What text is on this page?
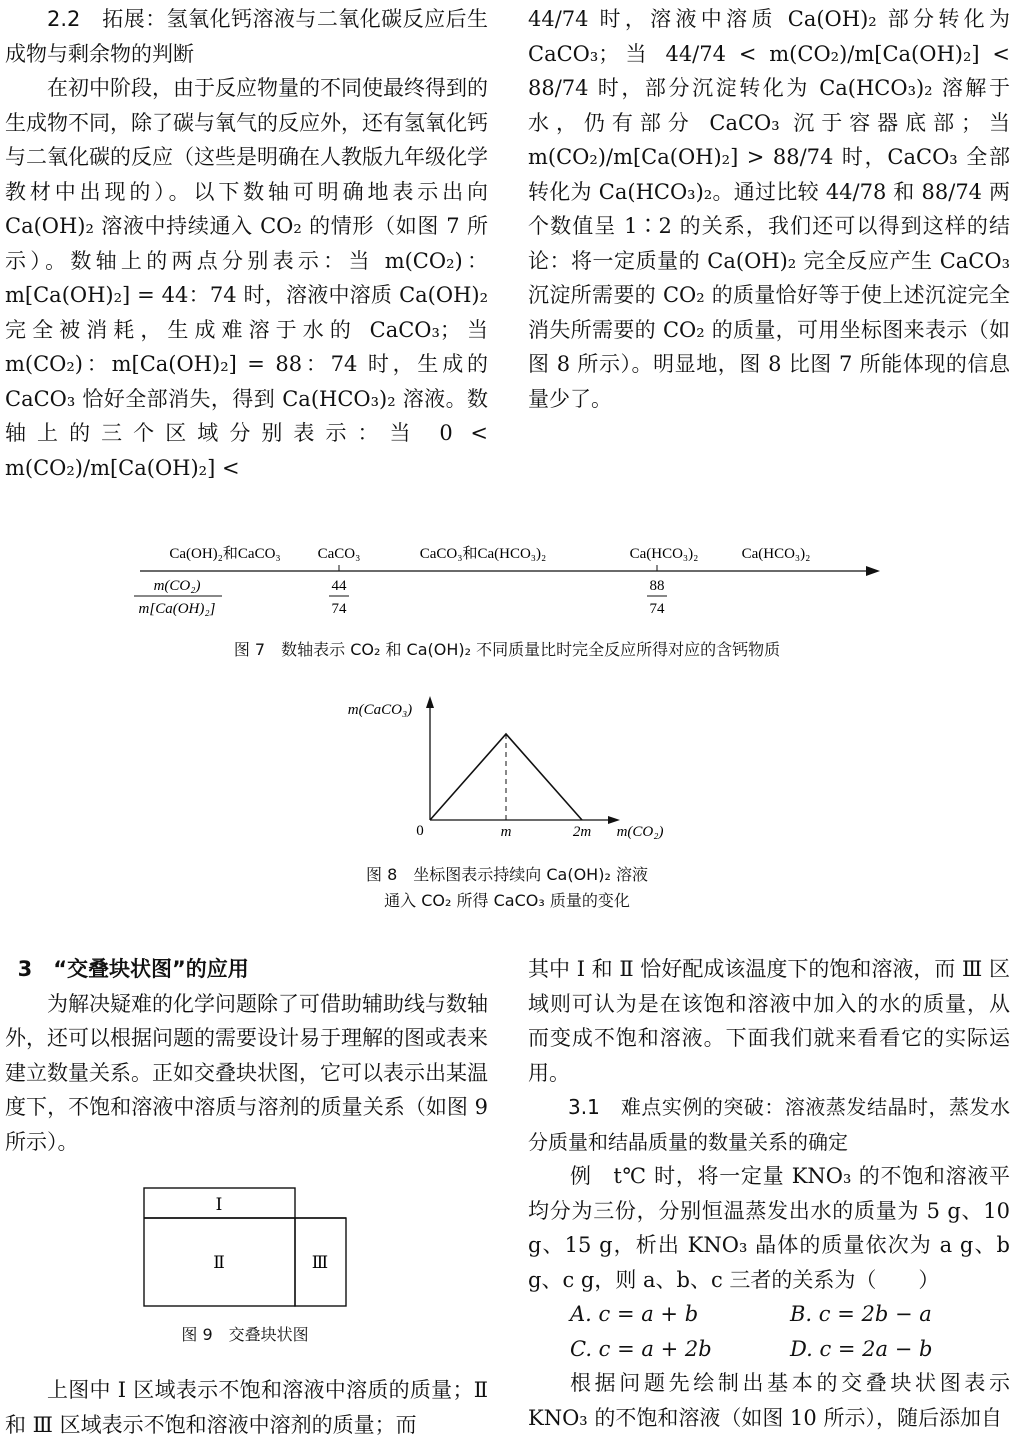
2.2　拓展：氢氧化钙溶液与二氧化碳反应后生成物与剩余物的判断

在初中阶段，由于反应物量的不同使最终得到的生成物不同，除了碳与氧气的反应外，还有氢氧化钙与二氧化碳的反应（这些是明确在人教版九年级化学教材中出现的）。以下数轴可明确地表示出向 Ca(OH)₂ 溶液中持续通入 CO₂ 的情形（如图 7 所示）。数轴上的两点分别表示：当 m(CO₂)：m[Ca(OH)₂] = 44：74 时，溶液中溶质 Ca(OH)₂ 完全被消耗，生成难溶于水的 CaCO₃；当 m(CO₂)：m[Ca(OH)₂] = 88：74 时，生成的 CaCO₃ 恰好全部消失，得到 Ca(HCO₃)₂ 溶液。数轴上的三个区域分别表示：当 0 < m(CO₂)/m[Ca(OH)₂] <

44/74 时，溶液中溶质 Ca(OH)₂ 部分转化为 CaCO₃；当 44/74 < m(CO₂)/m[Ca(OH)₂] < 88/74 时，部分沉淀转化为 Ca(HCO₃)₂ 溶解于水，仍有部分 CaCO₃ 沉于容器底部；当 m(CO₂)/m[Ca(OH)₂] > 88/74 时，CaCO₃ 全部转化为 Ca(HCO₃)₂。通过比较 44/78 和 88/74 两个数值呈 1∶2 的关系，我们还可以得到这样的结论：将一定质量的 Ca(OH)₂ 完全反应产生 CaCO₃ 沉淀所需要的 CO₂ 的质量恰好等于使上述沉淀完全消失所需要的 CO₂ 的质量，可用坐标图来表示（如图 8 所示）。明显地，图 8 比图 7 所能体现的信息量少了。

Ca(OH)₂和CaCO₃ CaCO₃	CaCO₃和Ca(HCO₃)₂	Ca(HCO₃)₂	Ca(HCO₃)₂
m(CO₂)
m[Ca(OH)₂]
44
74
88
74
图 7　数轴表示 CO₂ 和 Ca(OH)₂ 不同质量比时完全反应所得对应的含钙物质
m(CaCO₃)
0	m	2m m(CO₂)
图 8　坐标图表示持续向 Ca(OH)₂ 溶液
通入 CO₂ 所得 CaCO₃ 质量的变化

3　“交叠块状图”的应用

为解决疑难的化学问题除了可借助辅助线与数轴外，还可以根据问题的需要设计易于理解的图或表来建立数量关系。正如交叠块状图，它可以表示出某温度下，不饱和溶液中溶质与溶剂的质量关系（如图 9 所示）。

Ⅰ
Ⅱ	Ⅲ
图 9　交叠块状图

上图中 Ⅰ 区域表示不饱和溶液中溶质的质量；Ⅱ 和 Ⅲ 区域表示不饱和溶液中溶剂的质量；而

其中 Ⅰ 和 Ⅱ 恰好配成该温度下的饱和溶液，而 Ⅲ 区域则可认为是在该饱和溶液中加入的水的质量，从而变成不饱和溶液。下面我们就来看看它的实际运用。

3.1　难点实例的突破：溶液蒸发结晶时，蒸发水分质量和结晶质量的数量关系的确定

例　t℃ 时，将一定量 KNO₃ 的不饱和溶液平均分为三份，分别恒温蒸发出水的质量为 5 g、10 g、15 g，析出 KNO₃ 晶体的质量依次为 a g、b g、c g，则 a、b、c 三者的关系为（　　）

A. c = a + b	B. c = 2b − a
C. c = a + 2b	D. c = 2a − b

根据问题先绘制出基本的交叠块状图表示 KNO₃ 的不饱和溶液（如图 10 所示），随后添加自
